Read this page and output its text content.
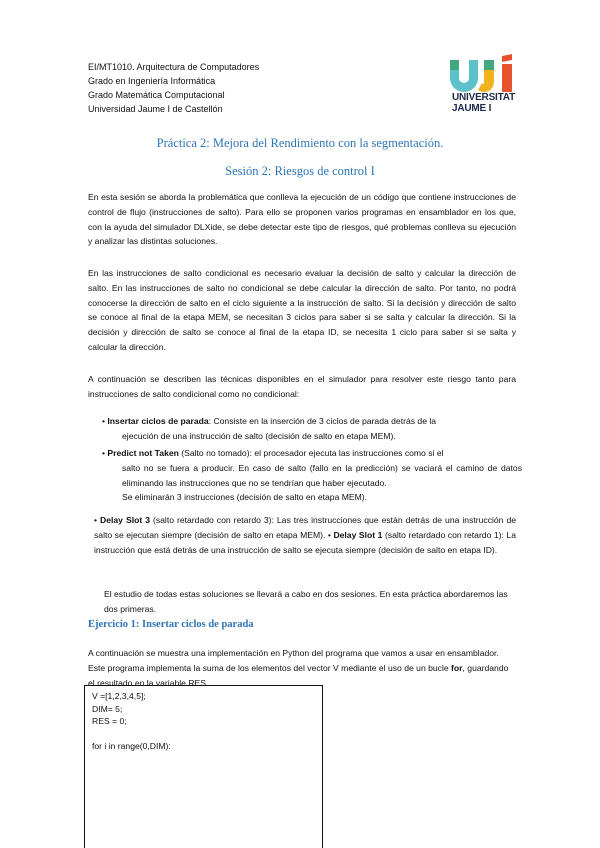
EI/MT1010. Arquitectura de Computadores
Grado en Ingeniería Informática
Grado Matemática Computacional
Universidad Jaume I de Castellón
UNIVERSITAT
JAUME I
Práctica 2: Mejora del Rendimiento con la segmentación.
Sesión 2: Riesgos de control I
En esta sesión se aborda la problemática que conlleva la ejecución de un código que contiene instrucciones de control de flujo (instrucciones de salto). Para ello se proponen varios programas en ensamblador en los que, con la ayuda del simulador DLXide, se debe detectar este tipo de riesgos, qué problemas conlleva su ejecución y analizar las distintas soluciones.
En las instrucciones de salto condicional es necesario evaluar la decisión de salto y calcular la dirección de salto. En las instrucciones de salto no condicional se debe calcular la dirección de salto. Por tanto, no podrá conocerse la dirección de salto en el ciclo siguiente a la instrucción de salto. Si la decisión y dirección de salto se conoce al final de la etapa MEM, se necesitan 3 ciclos para saber si se salta y calcular la dirección. Si la decisión y dirección de salto se conoce al final de la etapa ID, se necesita 1 ciclo para saber si se salta y calcular la dirección.
A continuación se describen las técnicas disponibles en el simulador para resolver este riesgo tanto para instrucciones de salto condicional como no condicional:
• Insertar ciclos de parada: Consiste en la inserción de 3 ciclos de parada detrás de la
ejecución de una instrucción de salto (decisión de salto en etapa MEM).
• Predict not Taken (Salto no tomado): el procesador ejecuta las instrucciones como si el
salto no se fuera a producir. En caso de salto (fallo en la predicción) se vaciará el camino de datos eliminando las instrucciones que no se tendrían que haber ejecutado.
Se eliminarán 3 instrucciones (decisión de salto en etapa MEM).
• Delay Slot 3 (salto retardado con retardo 3): Las tres instrucciones que están detrás de una instrucción de salto se ejecutan siempre (decisión de salto en etapa MEM). • Delay Slot 1 (salto retardado con retardo 1): La instrucción que está detrás de una instrucción de salto se ejecuta siempre (decisión de salto en etapa ID).
El estudio de todas estas soluciones se llevará a cabo en dos sesiones. En esta práctica abordaremos las dos primeras.
Ejercicio 1: Insertar ciclos de parada
A continuación se muestra una implementación en Python del programa que vamos a usar en ensamblador. Este programa implementa la suma de los elementos del vector V mediante el uso de un bucle for, guardando el resultado en la variable RES.
V =[1,2,3,4,5];
DIM= 5;
RES = 0;
for i in range(0,DIM):
